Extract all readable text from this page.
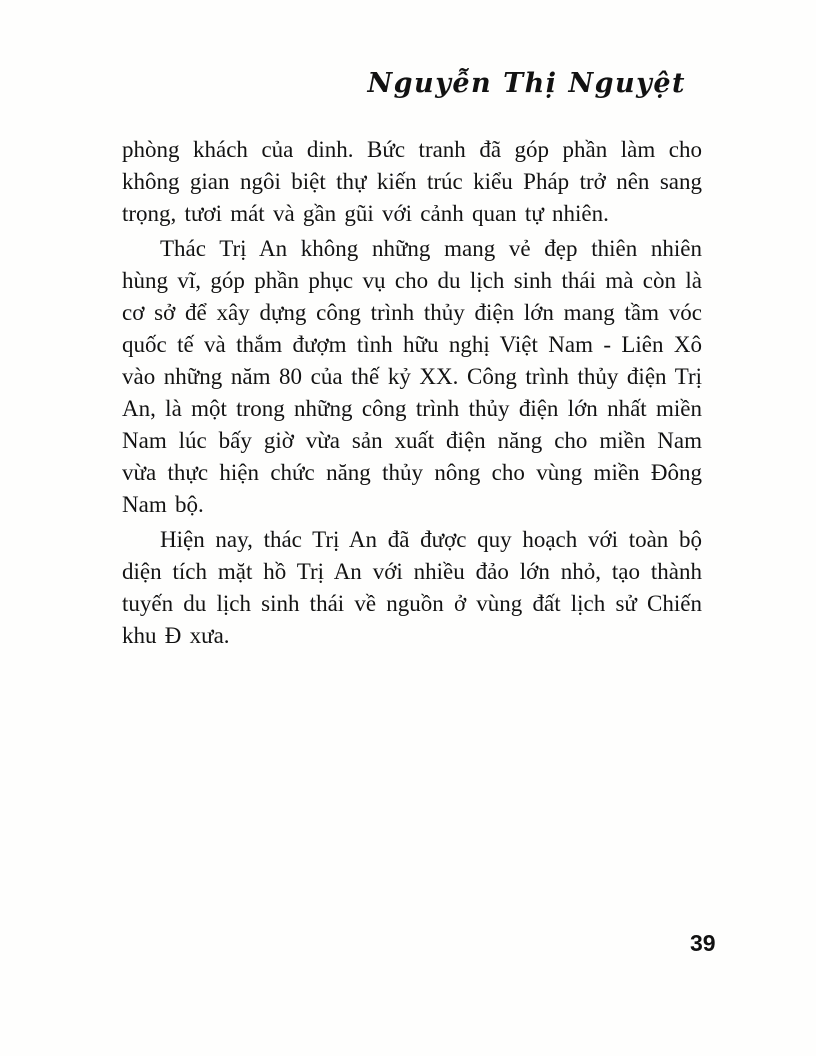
Nguyễn Thị Nguyệt

phòng khách của dinh. Bức tranh đã góp phần làm cho không gian ngôi biệt thự kiến trúc kiểu Pháp trở nên sang trọng, tươi mát và gần gũi với cảnh quan tự nhiên.

Thác Trị An không những mang vẻ đẹp thiên nhiên hùng vĩ, góp phần phục vụ cho du lịch sinh thái mà còn là cơ sở để xây dựng công trình thủy điện lớn mang tầm vóc quốc tế và thắm đượm tình hữu nghị Việt Nam - Liên Xô vào những năm 80 của thế kỷ XX. Công trình thủy điện Trị An, là một trong những công trình thủy điện lớn nhất miền Nam lúc bấy giờ vừa sản xuất điện năng cho miền Nam vừa thực hiện chức năng thủy nông cho vùng miền Đông Nam bộ.

Hiện nay, thác Trị An đã được quy hoạch với toàn bộ diện tích mặt hồ Trị An với nhiều đảo lớn nhỏ, tạo thành tuyến du lịch sinh thái về nguồn ở vùng đất lịch sử Chiến khu Đ xưa.

39
